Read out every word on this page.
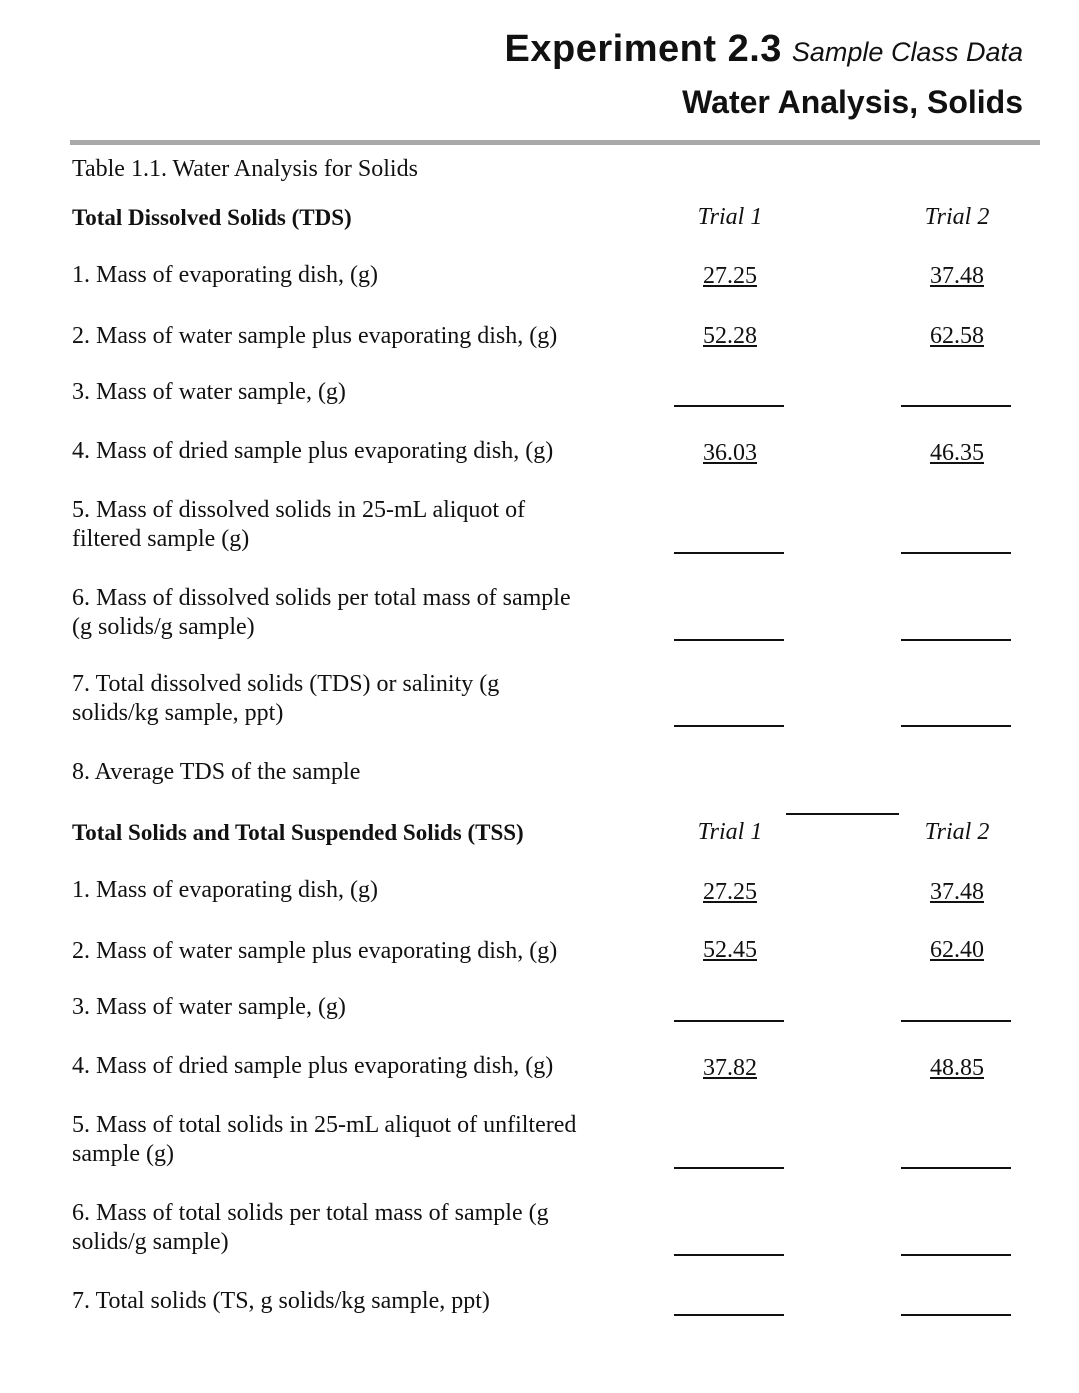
Experiment 2.3 Sample Class Data
Water Analysis, Solids
Table 1.1. Water Analysis for Solids
Total Dissolved Solids (TDS)	Trial 1	Trial 2
1. Mass of evaporating dish, (g)	27.25	37.48
2. Mass of water sample plus evaporating dish, (g)	52.28	62.58
3. Mass of water sample, (g)
4. Mass of dried sample plus evaporating dish, (g)	36.03	46.35
5. Mass of dissolved solids in 25-mL aliquot of
filtered sample (g)
6. Mass of dissolved solids per total mass of sample
(g solids/g sample)
7. Total dissolved solids (TDS) or salinity (g
solids/kg sample, ppt)
8. Average TDS of the sample
Total Solids and Total Suspended Solids (TSS)	Trial 1	Trial 2
1. Mass of evaporating dish, (g)	27.25	37.48
2. Mass of water sample plus evaporating dish, (g)	52.45	62.40
3. Mass of water sample, (g)
4. Mass of dried sample plus evaporating dish, (g)	37.82	48.85
5. Mass of total solids in 25-mL aliquot of unfiltered
sample (g)
6. Mass of total solids per total mass of sample (g
solids/g sample)
7. Total solids (TS, g solids/kg sample, ppt)
